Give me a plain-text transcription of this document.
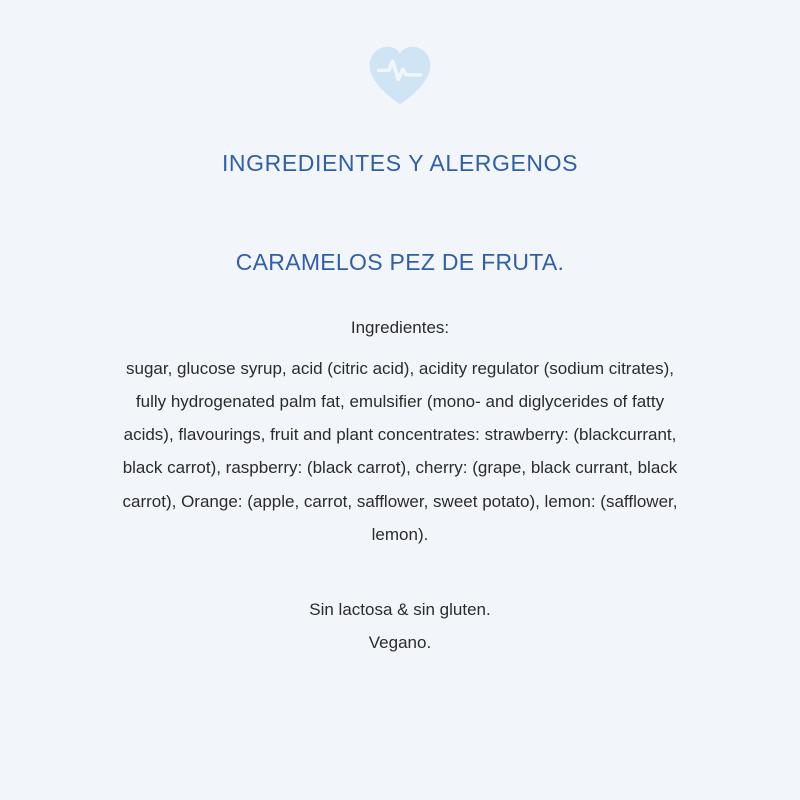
INGREDIENTES Y ALERGENOS
CARAMELOS PEZ DE FRUTA.
Ingredientes:
sugar, glucose syrup, acid (citric acid), acidity regulator (sodium citrates), fully hydrogenated palm fat, emulsifier (mono- and diglycerides of fatty acids), flavourings, fruit and plant concentrates: strawberry: (blackcurrant, black carrot), raspberry: (black carrot), cherry: (grape, black currant, black carrot), Orange: (apple, carrot, safflower, sweet potato), lemon: (safflower, lemon).
Sin lactosa & sin gluten.
Vegano.
